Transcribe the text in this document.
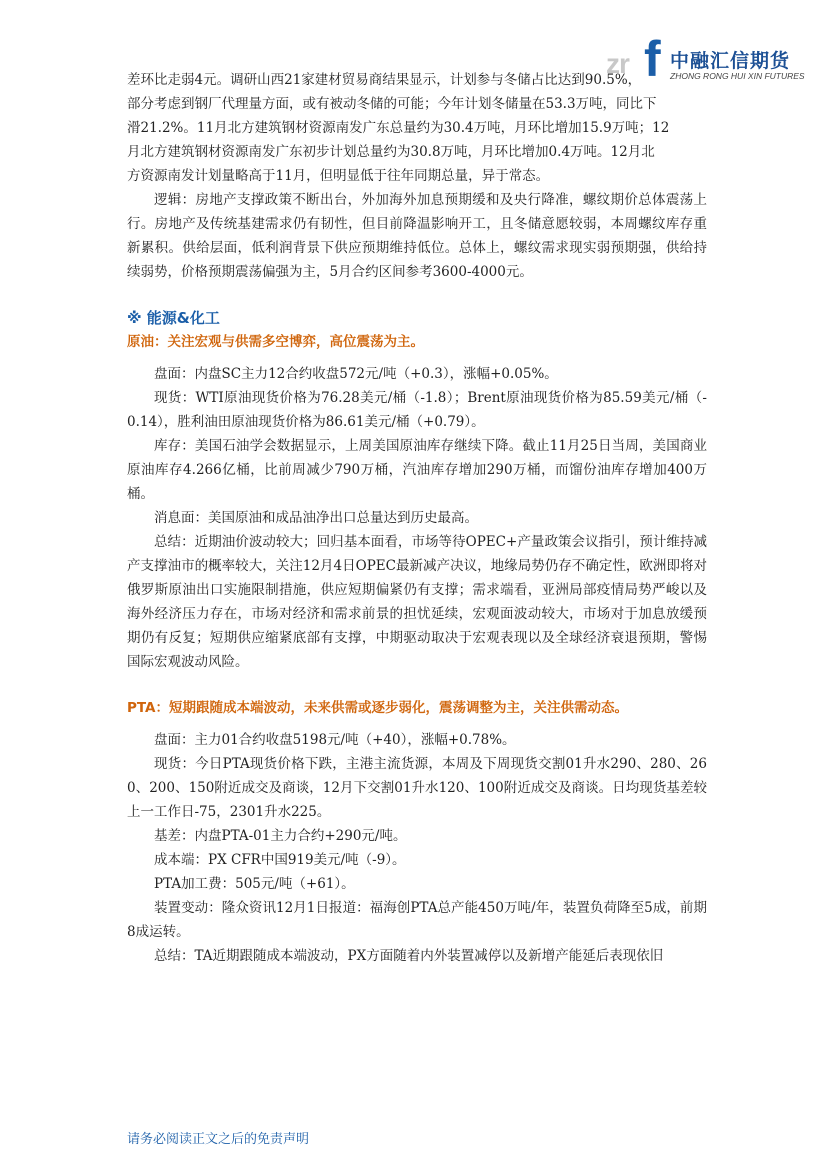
zr f 中融汇信期货
ZHONG RONG HUI XIN FUTURES

差环比走弱4元。调研山西21家建材贸易商结果显示，计划参与冬储占比达到90.5%，
部分考虑到钢厂代理量方面，或有被动冬储的可能；今年计划冬储量在53.3万吨，同比下
滑21.2%。11月北方建筑钢材资源南发广东总量约为30.4万吨，月环比增加15.9万吨；12
月北方建筑钢材资源南发广东初步计划总量约为30.8万吨，月环比增加0.4万吨。12月北
方资源南发计划量略高于11月，但明显低于往年同期总量，异于常态。

逻辑：房地产支撑政策不断出台，外加海外加息预期缓和及央行降准，螺纹期价总体震荡上行。房地产及传统基建需求仍有韧性，但目前降温影响开工，且冬储意愿较弱，本周螺纹库存重新累积。供给层面，低利润背景下供应预期维持低位。总体上，螺纹需求现实弱预期强，供给持续弱势，价格预期震荡偏强为主，5月合约区间参考3600-4000元。

※ 能源&化工

原油：关注宏观与供需多空博弈，高位震荡为主。

盘面：内盘SC主力12合约收盘572元/吨（+0.3），涨幅+0.05%。

现货：WTI原油现货价格为76.28美元/桶（-1.8）；Brent原油现货价格为85.59美元/桶（-0.14），胜利油田原油现货价格为86.61美元/桶（+0.79）。

库存：美国石油学会数据显示，上周美国原油库存继续下降。截止11月25日当周，美国商业原油库存4.266亿桶，比前周减少790万桶，汽油库存增加290万桶，而馏份油库存增加400万桶。

消息面：美国原油和成品油净出口总量达到历史最高。

总结：近期油价波动较大；回归基本面看，市场等待OPEC+产量政策会议指引，预计维持减产支撑油市的概率较大，关注12月4日OPEC最新减产决议，地缘局势仍存不确定性，欧洲即将对俄罗斯原油出口实施限制措施，供应短期偏紧仍有支撑；需求端看，亚洲局部疫情局势严峻以及海外经济压力存在，市场对经济和需求前景的担忧延续，宏观面波动较大，市场对于加息放缓预期仍有反复；短期供应缩紧底部有支撑，中期驱动取决于宏观表现以及全球经济衰退预期，警惕国际宏观波动风险。

PTA：短期跟随成本端波动，未来供需或逐步弱化，震荡调整为主，关注供需动态。

盘面：主力01合约收盘5198元/吨（+40），涨幅+0.78%。

现货：今日PTA现货价格下跌，主港主流货源，本周及下周现货交割01升水290、280、260、200、150附近成交及商谈，12月下交割01升水120、100附近成交及商谈。日均现货基差较上一工作日-75，2301升水225。

基差：内盘PTA-01主力合约+290元/吨。

成本端：PX CFR中国919美元/吨（-9）。

PTA加工费：505元/吨（+61）。

装置变动：隆众资讯12月1日报道：福海创PTA总产能450万吨/年，装置负荷降至5成，前期8成运转。

总结：TA近期跟随成本端波动，PX方面随着内外装置减停以及新增产能延后表现依旧

请务必阅读正文之后的免责声明
